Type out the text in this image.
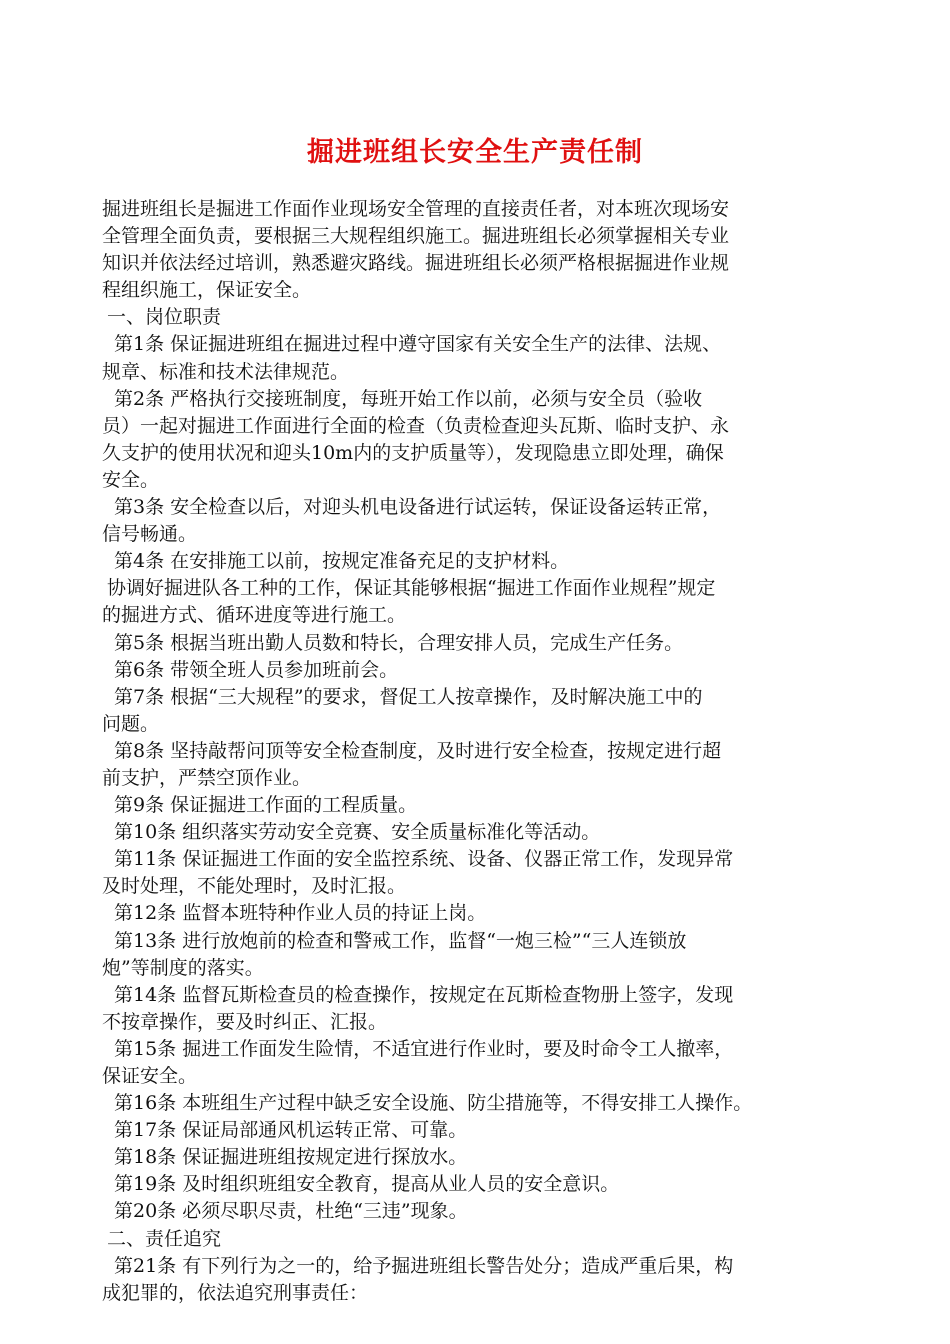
掘进班组长安全生产责任制
掘进班组长是掘进工作面作业现场安全管理的直接责任者，对本班次现场安
全管理全面负责，要根据三大规程组织施工。掘进班组长必须掌握相关专业
知识并依法经过培训，熟悉避灾路线。掘进班组长必须严格根据掘进作业规
程组织施工，保证安全。
一、岗位职责
第1条 保证掘进班组在掘进过程中遵守国家有关安全生产的法律、法规、
规章、标准和技术法律规范。
第2条 严格执行交接班制度，每班开始工作以前，必须与安全员（验收
员）一起对掘进工作面进行全面的检查（负责检查迎头瓦斯、临时支护、永
久支护的使用状况和迎头10m内的支护质量等），发现隐患立即处理，确保
安全。
第3条 安全检查以后，对迎头机电设备进行试运转，保证设备运转正常，
信号畅通。
第4条 在安排施工以前，按规定准备充足的支护材料。
协调好掘进队各工种的工作，保证其能够根据“掘进工作面作业规程”规定
的掘进方式、循环进度等进行施工。
第5条 根据当班出勤人员数和特长，合理安排人员，完成生产任务。
第6条 带领全班人员参加班前会。
第7条 根据“三大规程”的要求，督促工人按章操作，及时解决施工中的
问题。
第8条 坚持敲帮问顶等安全检查制度，及时进行安全检查，按规定进行超
前支护，严禁空顶作业。
第9条 保证掘进工作面的工程质量。
第10条 组织落实劳动安全竞赛、安全质量标准化等活动。
第11条 保证掘进工作面的安全监控系统、设备、仪器正常工作，发现异常
及时处理，不能处理时，及时汇报。
第12条 监督本班特种作业人员的持证上岗。
第13条 进行放炮前的检查和警戒工作，监督“一炮三检”“三人连锁放
炮”等制度的落实。
第14条 监督瓦斯检查员的检查操作，按规定在瓦斯检查物册上签字，发现
不按章操作，要及时纠正、汇报。
第15条 掘进工作面发生险情，不适宜进行作业时，要及时命令工人撤率，
保证安全。
第16条 本班组生产过程中缺乏安全设施、防尘措施等，不得安排工人操作。
第17条 保证局部通风机运转正常、可靠。
第18条 保证掘进班组按规定进行探放水。
第19条 及时组织班组安全教育，提高从业人员的安全意识。
第20条 必须尽职尽责，杜绝“三违”现象。
二、责任追究
第21条 有下列行为之一的，给予掘进班组长警告处分；造成严重后果，构
成犯罪的，依法追究刑事责任：
